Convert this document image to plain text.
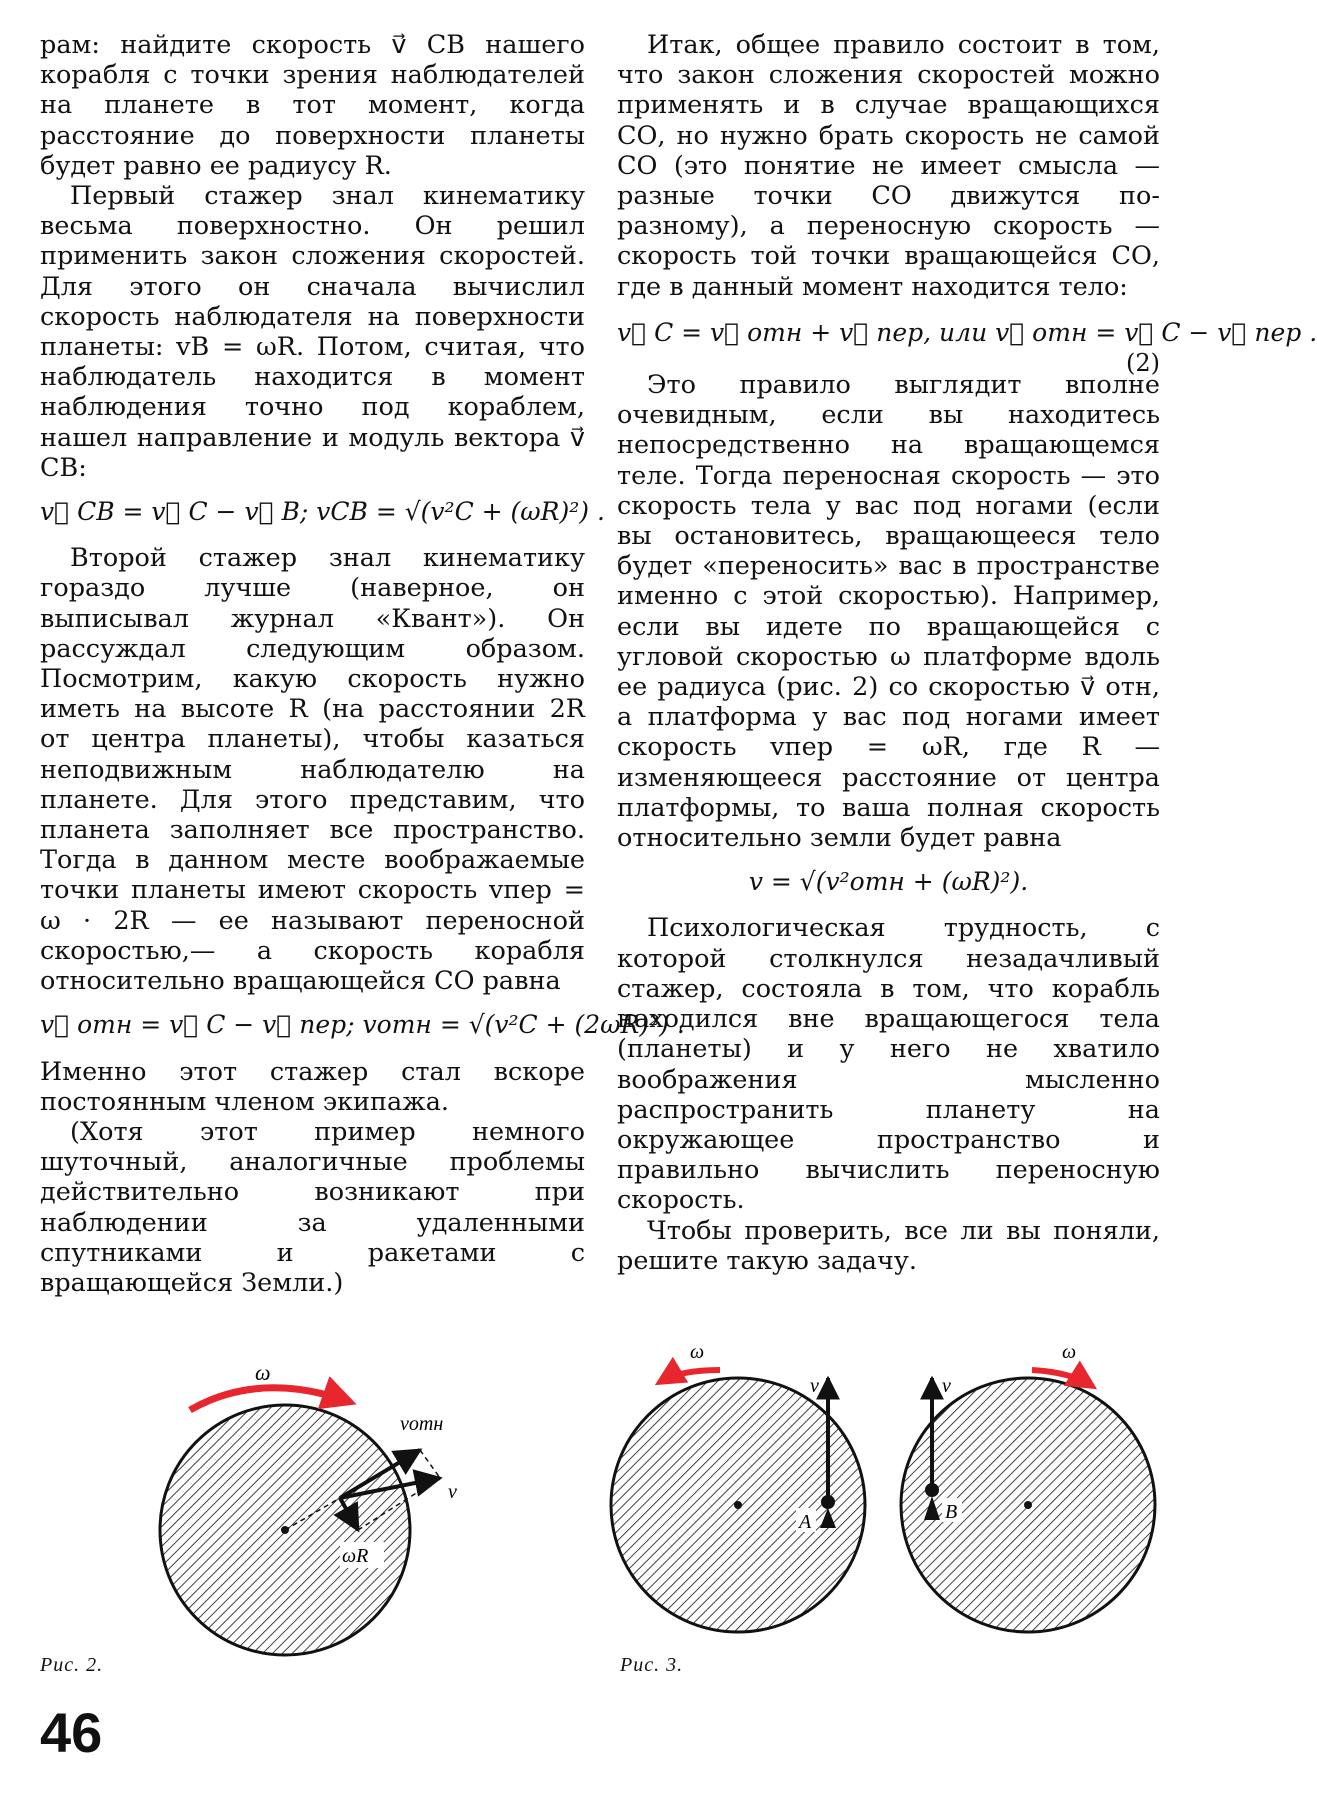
рам: найдите скорость v⃗ CB нашего корабля с точки зрения наблюдателей на планете в тот момент, когда расстояние до поверхности планеты будет равно ее радиусу R.

Первый стажер знал кинематику весьма поверхностно. Он решил применить закон сложения скоростей. Для этого он сначала вычислил скорость наблюдателя на поверхности планеты: vB = ωR. Потом, считая, что наблюдатель находится в момент наблюдения точно под кораблем, нашел направление и модуль вектора v⃗ CB:

v⃗ CB = v⃗ C − v⃗ B; vCB = √(v²C + (ωR)²) .

Второй стажер знал кинематику гораздо лучше (наверное, он выписывал журнал «Квант»). Он рассуждал следующим образом. Посмотрим, какую скорость нужно иметь на высоте R (на расстоянии 2R от центра планеты), чтобы казаться неподвижным наблюдателю на планете. Для этого представим, что планета заполняет все пространство. Тогда в данном месте воображаемые точки планеты имеют скорость vпер = ω · 2R — ее называют переносной скоростью,— а скорость корабля относительно вращающейся СО равна

v⃗ отн = v⃗ C − v⃗ пер; vотн = √(v²C + (2ωR)²) .

Именно этот стажер стал вскоре постоянным членом экипажа.

(Хотя этот пример немного шуточный, аналогичные проблемы действительно возникают при наблюдении за удаленными спутниками и ракетами с вращающейся Земли.)

Итак, общее правило состоит в том, что закон сложения скоростей можно применять и в случае вращающихся СО, но нужно брать скорость не самой СО (это понятие не имеет смысла — разные точки СО движутся по-разному), а переносную скорость — скорость той точки вращающейся СО, где в данный момент находится тело:

v⃗ C = v⃗ отн + v⃗ пер, или v⃗ отн = v⃗ C − v⃗ пер .
(2)

Это правило выглядит вполне очевидным, если вы находитесь непосредственно на вращающемся теле. Тогда переносная скорость — это скорость тела у вас под ногами (если вы остановитесь, вращающееся тело будет «переносить» вас в пространстве именно с этой скоростью). Например, если вы идете по вращающейся с угловой скоростью ω платформе вдоль ее радиуса (рис. 2) со скоростью v⃗ отн, а платформа у вас под ногами имеет скорость vпер = ωR, где R — изменяющееся расстояние от центра платформы, то ваша полная скорость относительно земли будет равна

v = √(v²отн + (ωR)²).

Психологическая трудность, с которой столкнулся незадачливый стажер, состояла в том, что корабль находился вне вращающегося тела (планеты) и у него не хватило воображения мысленно распространить планету на окружающее пространство и правильно вычислить переносную скорость.

Чтобы проверить, все ли вы поняли, решите такую задачу.

ω
vотн
v
ωR
Рис. 2.
ω
v
A
ω
v
B
Рис. 3.
46
